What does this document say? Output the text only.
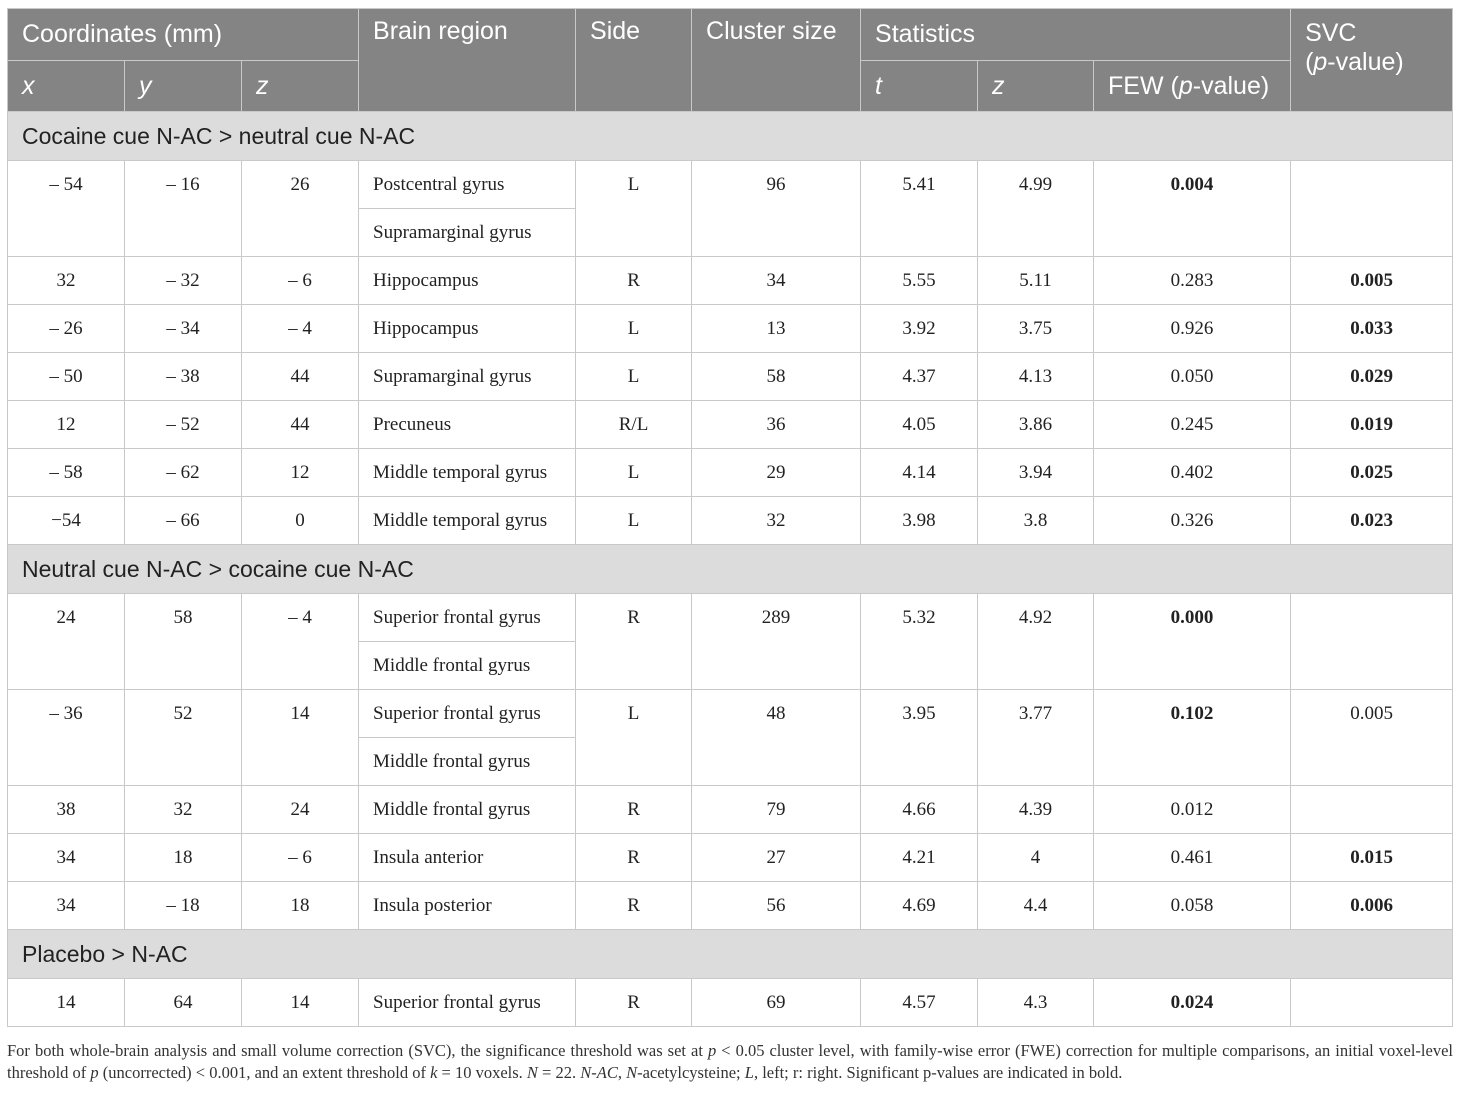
Coordinates (mm)			Brain region	Side	Cluster size	Statistics			SVC
(p-value)
x	y	z				t	z	FEW (p-value)	
Cocaine cue N-AC > neutral cue N-AC									
– 54	– 16	26	Postcentral gyrus	L	96	5.41	4.99	0.004	
			Supramarginal gyrus						
32	– 32	– 6	Hippocampus	R	34	5.55	5.11	0.283	0.005
– 26	– 34	– 4	Hippocampus	L	13	3.92	3.75	0.926	0.033
– 50	– 38	44	Supramarginal gyrus	L	58	4.37	4.13	0.050	0.029
12	– 52	44	Precuneus	R/L	36	4.05	3.86	0.245	0.019
– 58	– 62	12	Middle temporal gyrus	L	29	4.14	3.94	0.402	0.025
−54	– 66	0	Middle temporal gyrus	L	32	3.98	3.8	0.326	0.023
Neutral cue N-AC > cocaine cue N-AC									
24	58	– 4	Superior frontal gyrus	R	289	5.32	4.92	0.000	
			Middle frontal gyrus						
– 36	52	14	Superior frontal gyrus	L	48	3.95	3.77	0.102	0.005
			Middle frontal gyrus						
38	32	24	Middle frontal gyrus	R	79	4.66	4.39	0.012	
34	18	– 6	Insula anterior	R	27	4.21	4	0.461	0.015
34	– 18	18	Insula posterior	R	56	4.69	4.4	0.058	0.006
Placebo > N-AC									
14	64	14	Superior frontal gyrus	R	69	4.57	4.3	0.024	
For both whole-brain analysis and small volume correction (SVC), the significance threshold was set at p < 0.05 cluster level, with family-wise error (FWE) correction for multiple comparisons, an initial voxel-level threshold of p (uncorrected) < 0.001, and an extent threshold of k = 10 voxels. N = 22. N-AC, N-acetylcysteine; L, left; r: right. Significant p-values are indicated in bold.
